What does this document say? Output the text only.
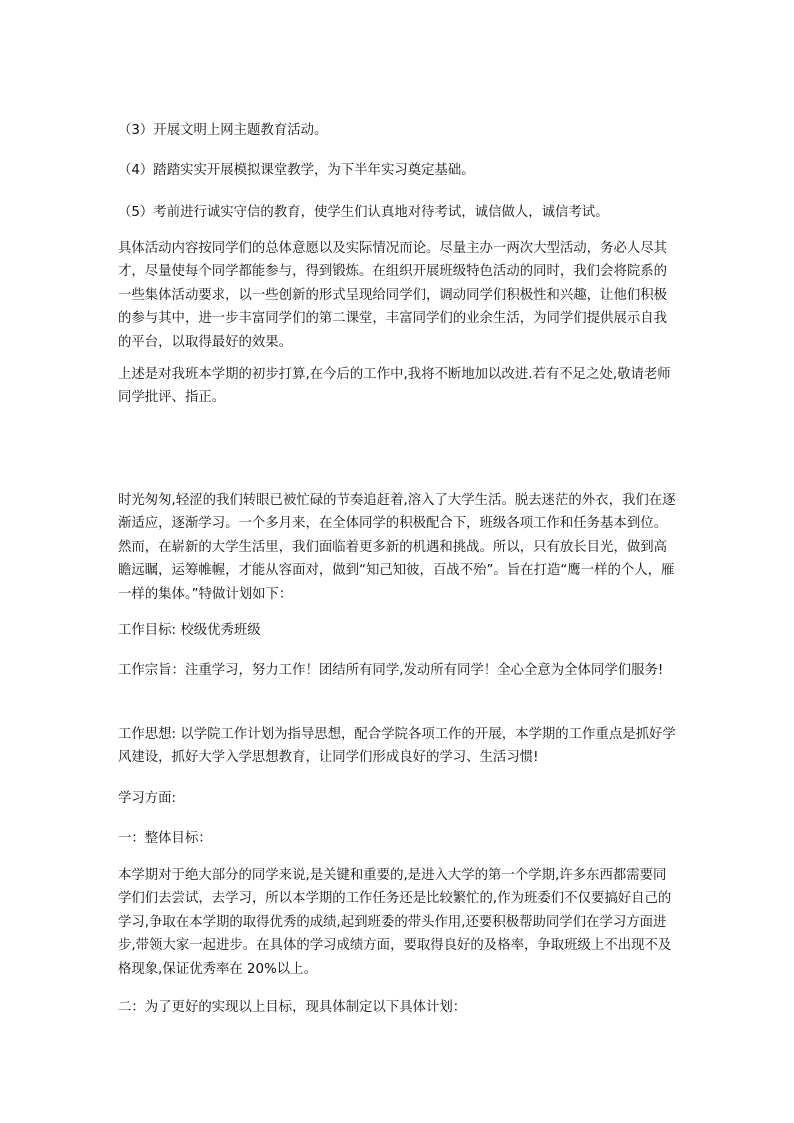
（3）开展文明上网主题教育活动。

（4）踏踏实实开展模拟课堂教学，为下半年实习奠定基础。

（5）考前进行诚实守信的教育，使学生们认真地对待考试，诚信做人，诚信考试。

具体活动内容按同学们的总体意愿以及实际情况而论。尽量主办一两次大型活动，务必人尽其才，尽量使每个同学都能参与，得到锻炼。在组织开展班级特色活动的同时，我们会将院系的一些集体活动要求，以一些创新的形式呈现给同学们，调动同学们积极性和兴趣，让他们积极的参与其中，进一步丰富同学们的第二课堂，丰富同学们的业余生活，为同学们提供展示自我的平台，以取得最好的效果。

上述是对我班本学期的初步打算,在今后的工作中,我将不断地加以改进.若有不足之处,敬请老师同学批评、指正。

时光匆匆,轻涩的我们转眼已被忙碌的节奏追赶着,溶入了大学生活。脱去迷茫的外衣，我们在逐渐适应，逐渐学习。一个多月来，在全体同学的积极配合下，班级各项工作和任务基本到位。然而，在崭新的大学生活里，我们面临着更多新的机遇和挑战。所以，只有放长目光，做到高瞻远瞩，运筹帷幄，才能从容面对，做到“知己知彼，百战不殆”。旨在打造“鹰一样的个人，雁一样的集体。”特做计划如下：

工作目标: 校级优秀班级

工作宗旨：注重学习，努力工作！团结所有同学,发动所有同学！全心全意为全体同学们服务!

工作思想: 以学院工作计划为指导思想，配合学院各项工作的开展，本学期的工作重点是抓好学风建设，抓好大学入学思想教育，让同学们形成良好的学习、生活习惯!

学习方面:

一：整体目标：

本学期对于绝大部分的同学来说,是关键和重要的,是进入大学的第一个学期,许多东西都需要同学们们去尝试，去学习，所以本学期的工作任务还是比较繁忙的,作为班委们不仅要搞好自己的学习,争取在本学期的取得优秀的成绩,起到班委的带头作用,还要积极帮助同学们在学习方面进步,带领大家一起进步。在具体的学习成绩方面，要取得良好的及格率，争取班级上不出现不及格现象,保证优秀率在 20%以上。

二：为了更好的实现以上目标，现具体制定以下具体计划：
